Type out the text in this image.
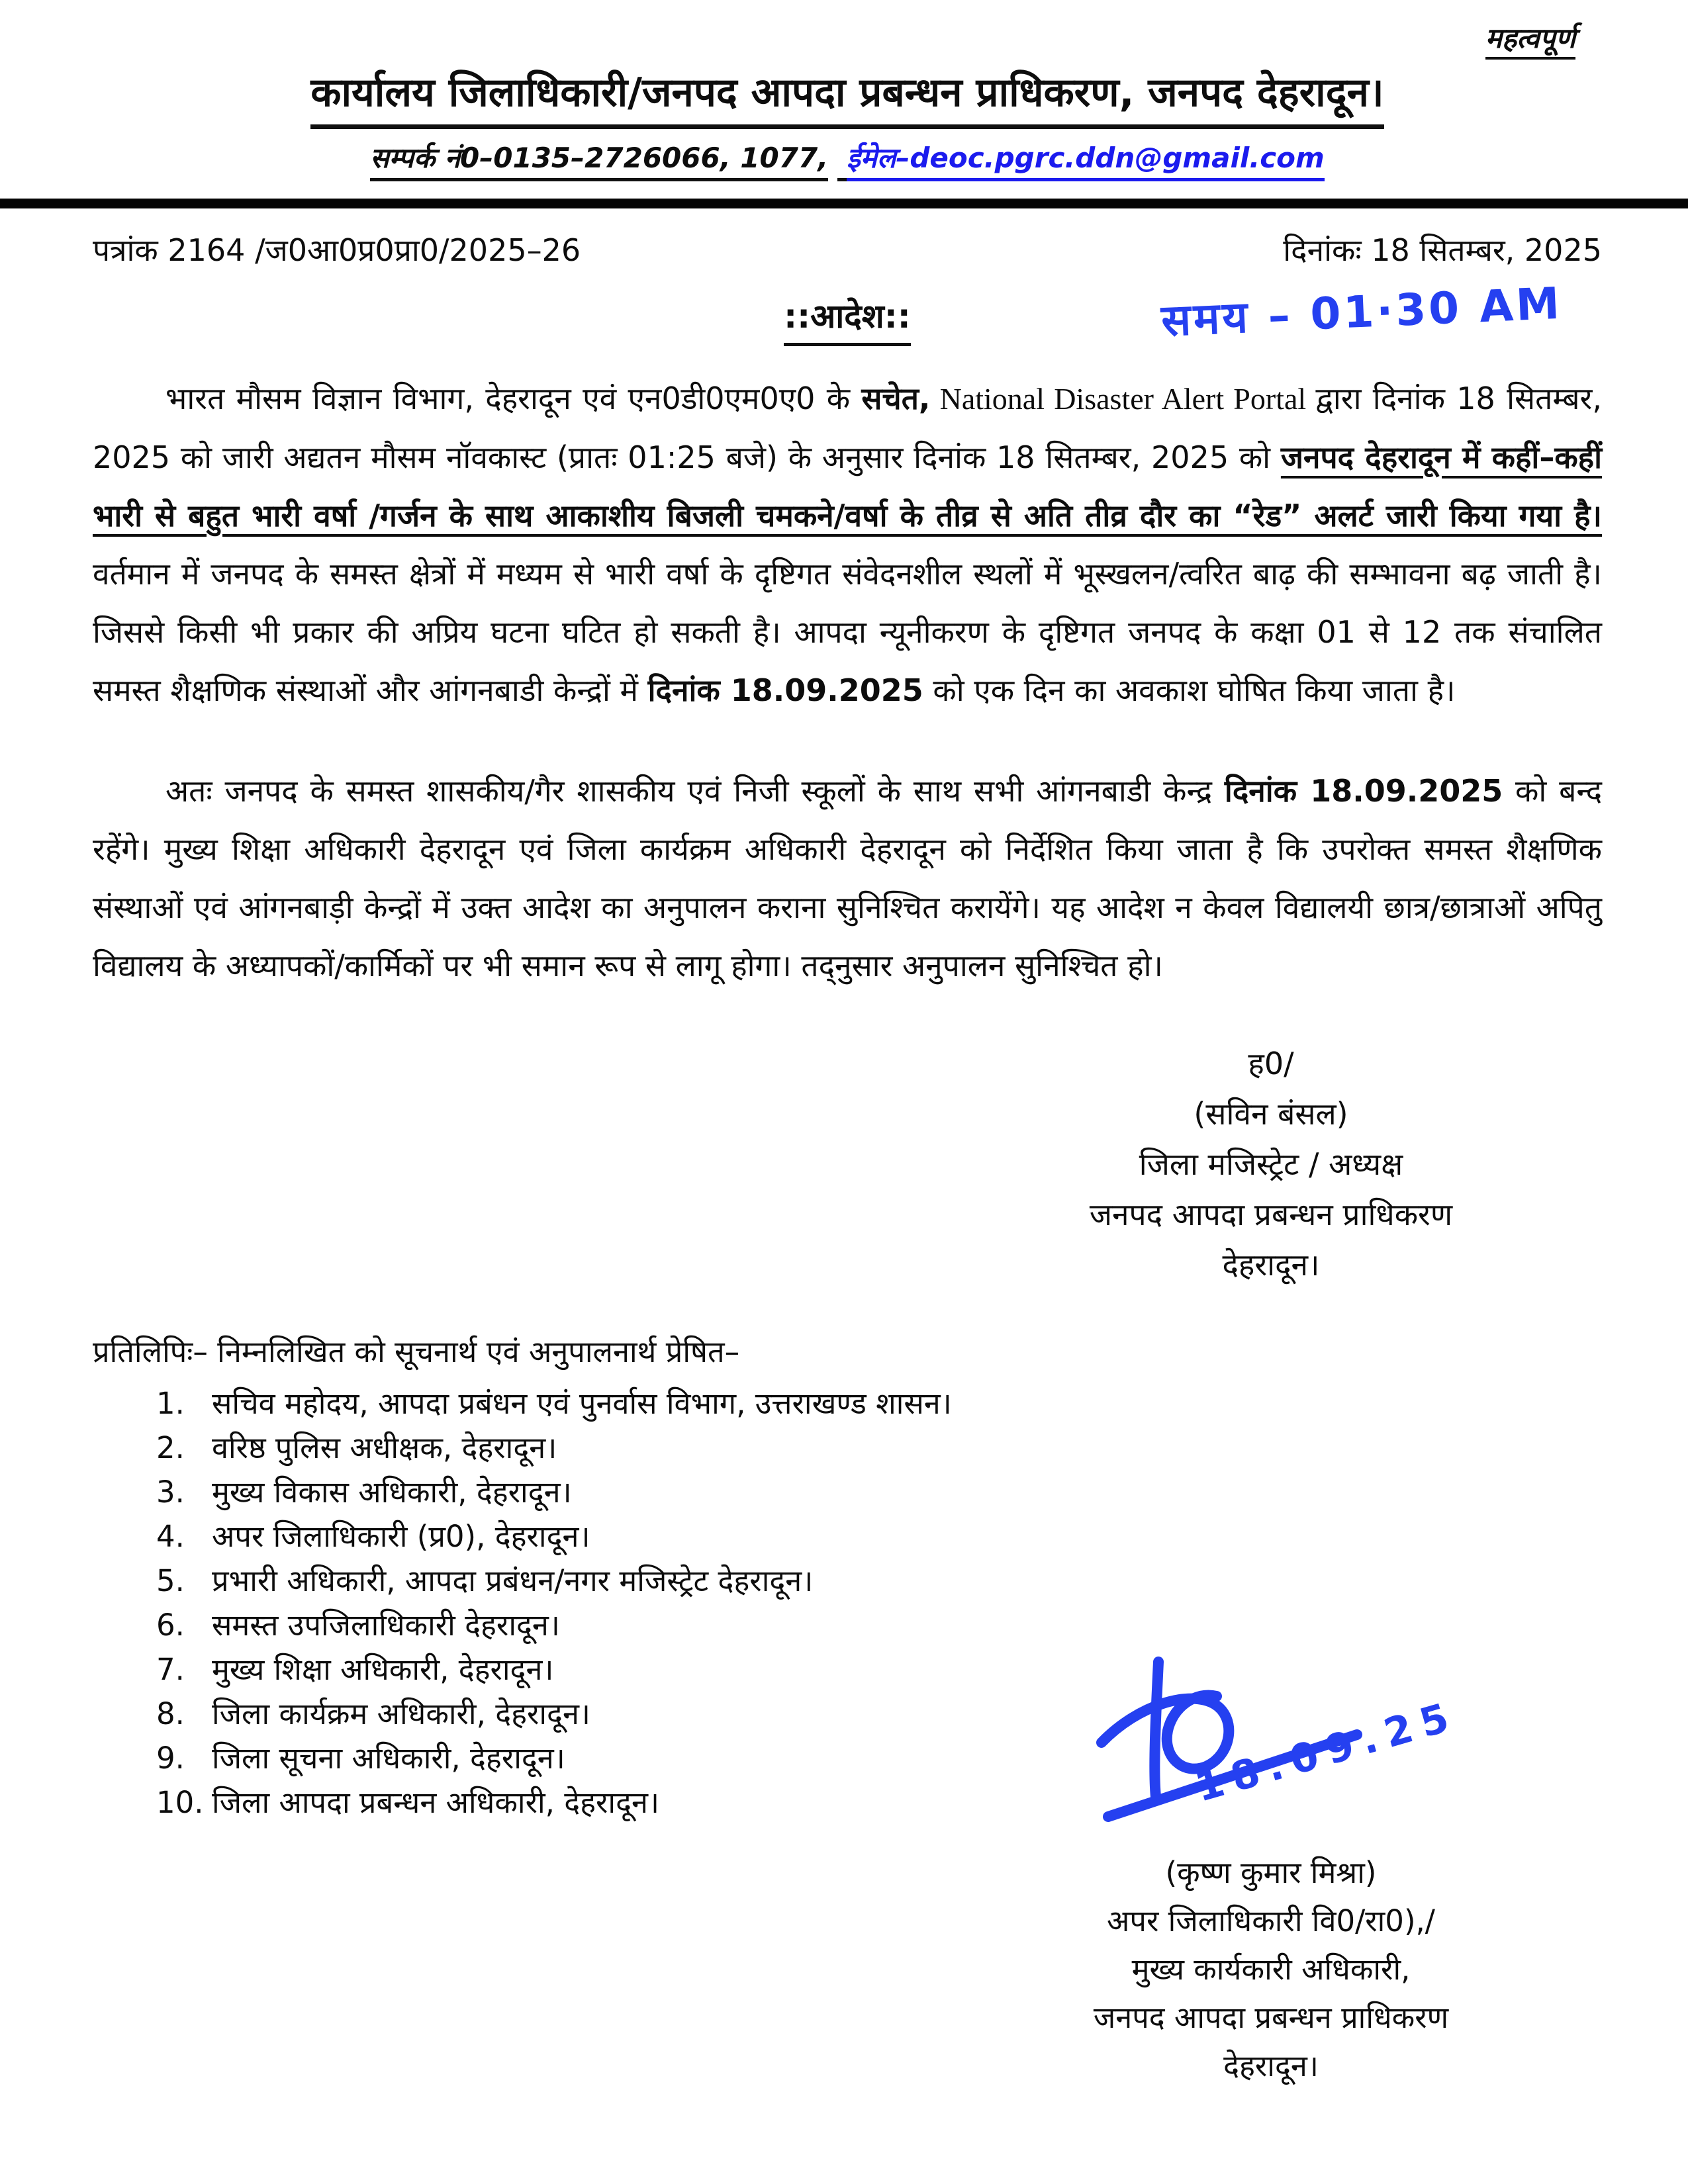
महत्वपूर्ण
कार्यालय जिलाधिकारी/जनपद आपदा प्रबन्धन प्राधिकरण, जनपद देहरादून।
सम्पर्क नं0–0135–2726066, 1077, ईमेल–deoc.pgrc.ddn@gmail.com
पत्रांक 2164 /ज0आ0प्र0प्रा0/2025–26	दिनांकः 18 सितम्बर, 2025
::आदेश::	समय – 01·30 AM

भारत मौसम विज्ञान विभाग, देहरादून एवं एन0डी0एम0ए0 के सचेत, National Disaster Alert Portal द्वारा दिनांक 18 सितम्बर, 2025 को जारी अद्यतन मौसम नॉवकास्ट (प्रातः 01:25 बजे) के अनुसार दिनांक 18 सितम्बर, 2025 को जनपद देहरादून में कहीं–कहीं भारी से बहुत भारी वर्षा /गर्जन के साथ आकाशीय बिजली चमकने/वर्षा के तीव्र से अति तीव्र दौर का “रेड” अलर्ट जारी किया गया है। वर्तमान में जनपद के समस्त क्षेत्रों में मध्यम से भारी वर्षा के दृष्टिगत संवेदनशील स्थलों में भूस्खलन/त्वरित बाढ़ की सम्भावना बढ़ जाती है। जिससे किसी भी प्रकार की अप्रिय घटना घटित हो सकती है। आपदा न्यूनीकरण के दृष्टिगत जनपद के कक्षा 01 से 12 तक संचालित समस्त शैक्षणिक संस्थाओं और आंगनबाडी केन्द्रों में दिनांक 18.09.2025 को एक दिन का अवकाश घोषित किया जाता है।

अतः जनपद के समस्त शासकीय/गैर शासकीय एवं निजी स्कूलों के साथ सभी आंगनबाडी केन्द्र दिनांक 18.09.2025 को बन्द रहेंगे। मुख्य शिक्षा अधिकारी देहरादून एवं जिला कार्यक्रम अधिकारी देहरादून को निर्देशित किया जाता है कि उपरोक्त समस्त शैक्षणिक संस्थाओं एवं आंगनबाड़ी केन्द्रों में उक्त आदेश का अनुपालन कराना सुनिश्चित करायेंगे। यह आदेश न केवल विद्यालयी छात्र/छात्राओं अपितु विद्यालय के अध्यापकों/कार्मिकों पर भी समान रूप से लागू होगा। तद्नुसार अनुपालन सुनिश्चित हो।

ह0/
(सविन बंसल)
जिला मजिस्ट्रेट / अध्यक्ष
जनपद आपदा प्रबन्धन प्राधिकरण
देहरादून।
प्रतिलिपिः– निम्नलिखित को सूचनार्थ एवं अनुपालनार्थ प्रेषित–
1. सचिव महोदय, आपदा प्रबंधन एवं पुनर्वास विभाग, उत्तराखण्ड शासन।
2. वरिष्ठ पुलिस अधीक्षक, देहरादून।
3. मुख्य विकास अधिकारी, देहरादून।
4. अपर जिलाधिकारी (प्र0), देहरादून।
5. प्रभारी अधिकारी, आपदा प्रबंधन/नगर मजिस्ट्रेट देहरादून।
6. समस्त उपजिलाधिकारी देहरादून।
7. मुख्य शिक्षा अधिकारी, देहरादून।
8. जिला कार्यक्रम अधिकारी, देहरादून।
9. जिला सूचना अधिकारी, देहरादून।
10. जिला आपदा प्रबन्धन अधिकारी, देहरादून।	18.09.25
(कृष्ण कुमार मिश्रा)
अपर जिलाधिकारी वि0/रा0),/
मुख्य कार्यकारी अधिकारी,
जनपद आपदा प्रबन्धन प्राधिकरण
देहरादून।
